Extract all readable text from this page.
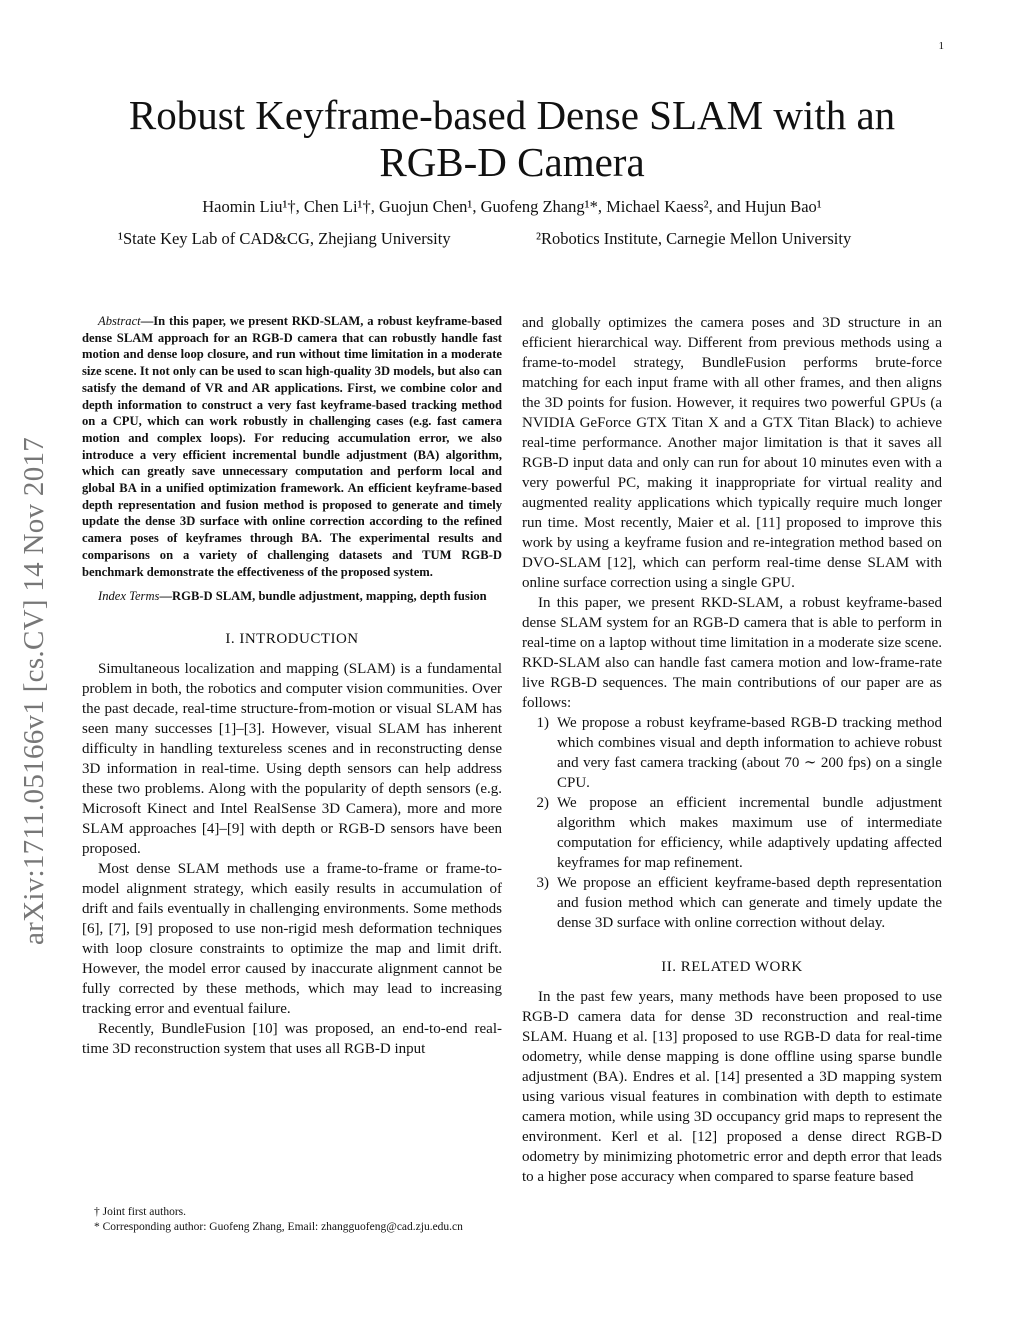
1
arXiv:1711.05166v1 [cs.CV] 14 Nov 2017
Robust Keyframe-based Dense SLAM with an RGB-D Camera
Haomin Liu¹†, Chen Li¹†, Guojun Chen¹, Guofeng Zhang¹*, Michael Kaess², and Hujun Bao¹
¹State Key Lab of CAD&CG, Zhejiang University	²Robotics Institute, Carnegie Mellon University
Abstract—In this paper, we present RKD-SLAM, a robust keyframe-based dense SLAM approach for an RGB-D camera that can robustly handle fast motion and dense loop closure, and run without time limitation in a moderate size scene. It not only can be used to scan high-quality 3D models, but also can satisfy the demand of VR and AR applications. First, we combine color and depth information to construct a very fast keyframe-based tracking method on a CPU, which can work robustly in challenging cases (e.g. fast camera motion and complex loops). For reducing accumulation error, we also introduce a very efficient incremental bundle adjustment (BA) algorithm, which can greatly save unnecessary computation and perform local and global BA in a unified optimization framework. An efficient keyframe-based depth representation and fusion method is proposed to generate and timely update the dense 3D surface with online correction according to the refined camera poses of keyframes through BA. The experimental results and comparisons on a variety of challenging datasets and TUM RGB-D benchmark demonstrate the effectiveness of the proposed system.
Index Terms—RGB-D SLAM, bundle adjustment, mapping, depth fusion
I. INTRODUCTION

Simultaneous localization and mapping (SLAM) is a fundamental problem in both, the robotics and computer vision communities. Over the past decade, real-time structure-from-motion or visual SLAM has seen many successes [1]–[3]. However, visual SLAM has inherent difficulty in handling textureless scenes and in reconstructing dense 3D information in real-time. Using depth sensors can help address these two problems. Along with the popularity of depth sensors (e.g. Microsoft Kinect and Intel RealSense 3D Camera), more and more SLAM approaches [4]–[9] with depth or RGB-D sensors have been proposed.

Most dense SLAM methods use a frame-to-frame or frame-to-model alignment strategy, which easily results in accumulation of drift and fails eventually in challenging environments. Some methods [6], [7], [9] proposed to use non-rigid mesh deformation techniques with loop closure constraints to optimize the map and limit drift. However, the model error caused by inaccurate alignment cannot be fully corrected by these methods, which may lead to increasing tracking error and eventual failure.

Recently, BundleFusion [10] was proposed, an end-to-end real-time 3D reconstruction system that uses all RGB-D input

† Joint first authors.
* Corresponding author: Guofeng Zhang, Email: zhangguofeng@cad.zju.edu.cn

and globally optimizes the camera poses and 3D structure in an efficient hierarchical way. Different from previous methods using a frame-to-model strategy, BundleFusion performs brute-force matching for each input frame with all other frames, and then aligns the 3D points for fusion. However, it requires two powerful GPUs (a NVIDIA GeForce GTX Titan X and a GTX Titan Black) to achieve real-time performance. Another major limitation is that it saves all RGB-D input data and only can run for about 10 minutes even with a very powerful PC, making it inappropriate for virtual reality and augmented reality applications which typically require much longer run time. Most recently, Maier et al. [11] proposed to improve this work by using a keyframe fusion and re-integration method based on DVO-SLAM [12], which can perform real-time dense SLAM with online surface correction using a single GPU.

In this paper, we present RKD-SLAM, a robust keyframe-based dense SLAM system for an RGB-D camera that is able to perform in real-time on a laptop without time limitation in a moderate size scene. RKD-SLAM also can handle fast camera motion and low-frame-rate live RGB-D sequences. The main contributions of our paper are as follows:

1) We propose a robust keyframe-based RGB-D tracking method which combines visual and depth information to achieve robust and very fast camera tracking (about 70 ∼ 200 fps) on a single CPU.
2) We propose an efficient incremental bundle adjustment algorithm which makes maximum use of intermediate computation for efficiency, while adaptively updating affected keyframes for map refinement.
3) We propose an efficient keyframe-based depth representation and fusion method which can generate and timely update the dense 3D surface with online correction without delay.
II. RELATED WORK

In the past few years, many methods have been proposed to use RGB-D camera data for dense 3D reconstruction and real-time SLAM. Huang et al. [13] proposed to use RGB-D data for real-time odometry, while dense mapping is done offline using sparse bundle adjustment (BA). Endres et al. [14] presented a 3D mapping system using various visual features in combination with depth to estimate camera motion, while using 3D occupancy grid maps to represent the environment. Kerl et al. [12] proposed a dense direct RGB-D odometry by minimizing photometric error and depth error that leads to a higher pose accuracy when compared to sparse feature based
